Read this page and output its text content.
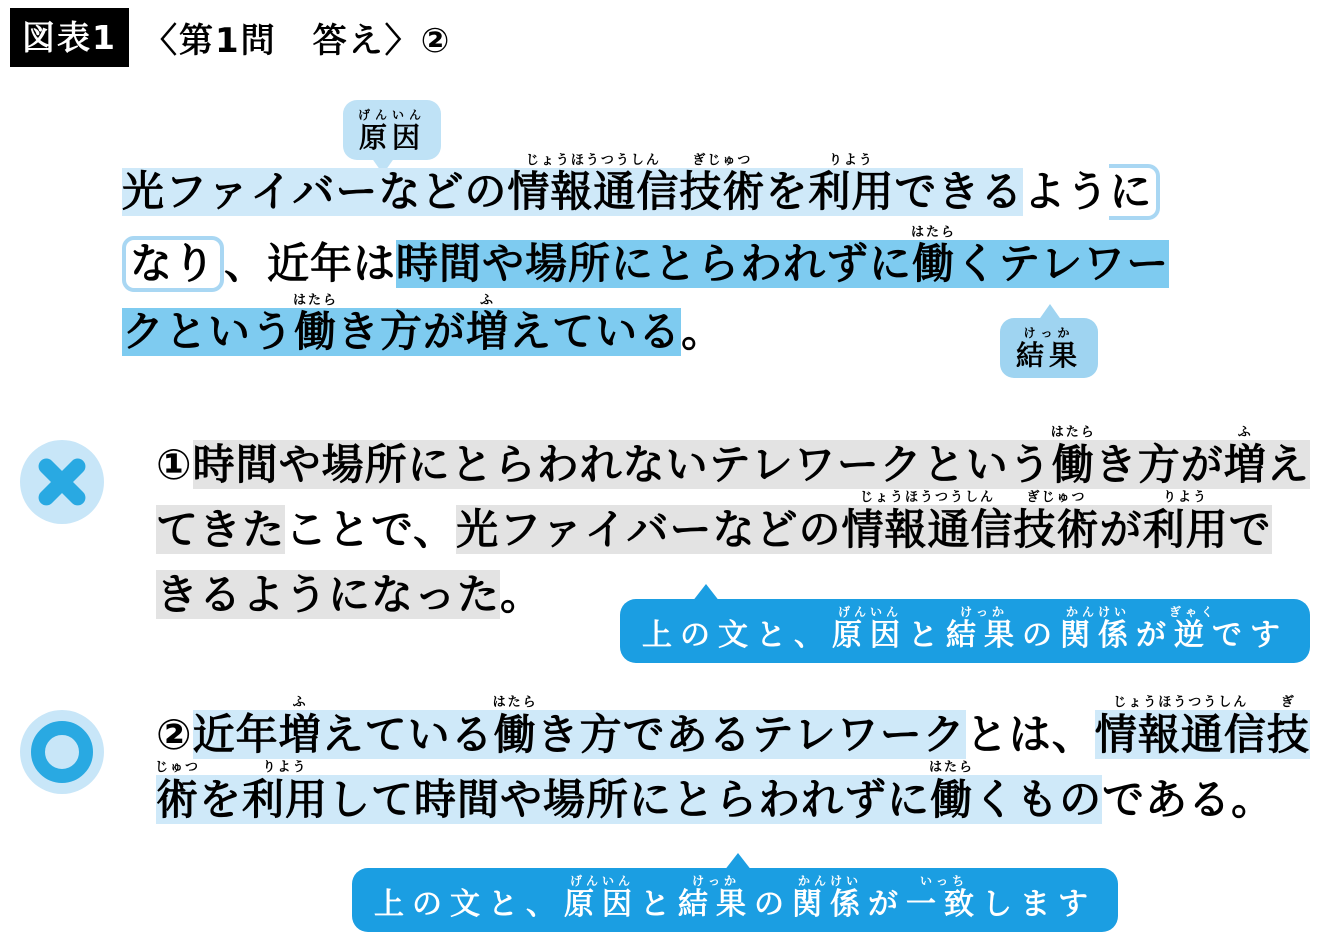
図表1 〈第1問　答え〉②
げんいん
原因
光ファイバーなどの
じょうほうつうしん
情報通信
ぎじゅつ
技術
を
りよう
利用
できる
よう
に
なり 、近年は
時間や場所にとらわれずに
はたら
働
くテレワー
クという
はたら
働
き方が
ふ
増
えている
。	けっか
結果
①
時間や場所にとらわれないテレワークという
はたら
働
き方が
ふ
増
え
てきた
ことで、
光ファイバーなどの
じょうほうつうしん
情報通信
ぎじゅつ
技術
が
りよう
利用
で
きるようになった
。
上の文と、
げんいん
原因
と
けっか
結果
の
かんけい
関係
が
ぎゃく
逆
です
②
近年
ふ
増
えている
はたら
働
き方であるテレワーク
とは、
じょうほうつうしん
情報通信
ぎ
技
じゅつ
術
を
りよう
利用
して時間や場所にとらわれずに
はたら
働
くもの
である。
上の文と、
げんいん
原因
と
けっか
結果
の
かんけい
関係
が
いっち
一致
します
